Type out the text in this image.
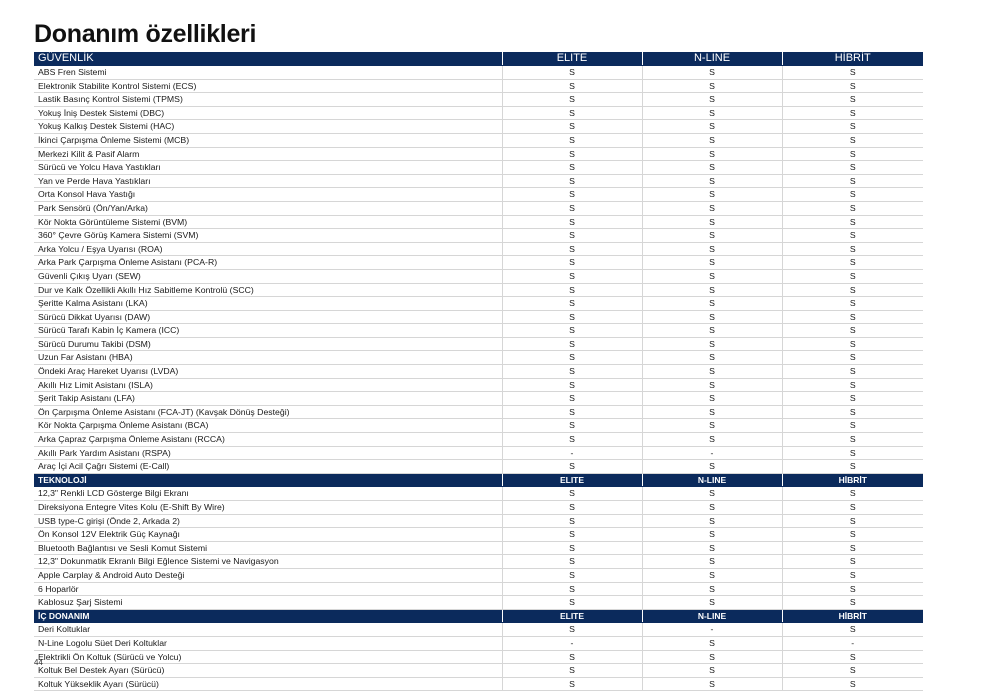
Donanım özellikleri
GÜVENLİK	ELITE	N-LINE	HİBRİT
ABS Fren Sistemi	S	S	S
Elektronik Stabilite Kontrol Sistemi (ECS)	S	S	S
Lastik Basınç Kontrol Sistemi (TPMS)	S	S	S
Yokuş İniş Destek Sistemi (DBC)	S	S	S
Yokuş Kalkış Destek Sistemi (HAC)	S	S	S
İkinci Çarpışma Önleme Sistemi (MCB)	S	S	S
Merkezi Kilit & Pasif Alarm	S	S	S
Sürücü ve Yolcu Hava Yastıkları	S	S	S
Yan ve Perde Hava Yastıkları	S	S	S
Orta Konsol Hava Yastığı	S	S	S
Park Sensörü (Ön/Yan/Arka)	S	S	S
Kör Nokta Görüntüleme Sistemi (BVM)	S	S	S
360° Çevre Görüş Kamera Sistemi (SVM)	S	S	S
Arka Yolcu / Eşya Uyarısı (ROA)	S	S	S
Arka Park Çarpışma Önleme Asistanı (PCA-R)	S	S	S
Güvenli Çıkış Uyarı (SEW)	S	S	S
Dur ve Kalk Özellikli Akıllı Hız Sabitleme Kontrolü (SCC)	S	S	S
Şeritte Kalma Asistanı (LKA)	S	S	S
Sürücü Dikkat Uyarısı (DAW)	S	S	S
Sürücü Tarafı Kabin İç Kamera (ICC)	S	S	S
Sürücü Durumu Takibi (DSM)	S	S	S
Uzun Far Asistanı (HBA)	S	S	S
Öndeki Araç Hareket Uyarısı (LVDA)	S	S	S
Akıllı Hız Limit Asistanı (ISLA)	S	S	S
Şerit Takip Asistanı (LFA)	S	S	S
Ön Çarpışma Önleme Asistanı (FCA-JT) (Kavşak Dönüş Desteği)	S	S	S
Kör Nokta Çarpışma Önleme Asistanı (BCA)	S	S	S
Arka Çapraz Çarpışma Önleme Asistanı (RCCA)	S	S	S
Akıllı Park Yardım Asistanı (RSPA)	-	-	S
Araç İçi Acil Çağrı Sistemi (E-Call)	S	S	S
TEKNOLOJİ	ELITE	N-LINE	HİBRİT
12,3" Renkli LCD Gösterge Bilgi Ekranı	S	S	S
Direksiyona Entegre Vites Kolu (E-Shift By Wire)	S	S	S
USB type-C girişi (Önde 2, Arkada 2)	S	S	S
Ön Konsol 12V Elektrik Güç Kaynağı	S	S	S
Bluetooth Bağlantısı ve Sesli Komut Sistemi	S	S	S
12,3" Dokunmatik Ekranlı Bilgi Eğlence Sistemi ve Navigasyon	S	S	S
Apple Carplay & Android Auto Desteği	S	S	S
6 Hoparlör	S	S	S
Kablosuz Şarj Sistemi	S	S	S
İÇ DONANIM	ELITE	N-LINE	HİBRİT
Deri Koltuklar	S	-	S
N-Line Logolu Süet Deri Koltuklar	-	S	-
Elektrikli Ön Koltuk (Sürücü ve Yolcu)	S	S	S
Koltuk Bel Destek Ayarı (Sürücü)	S	S	S
Koltuk Yükseklik Ayarı (Sürücü)	S	S	S
44
